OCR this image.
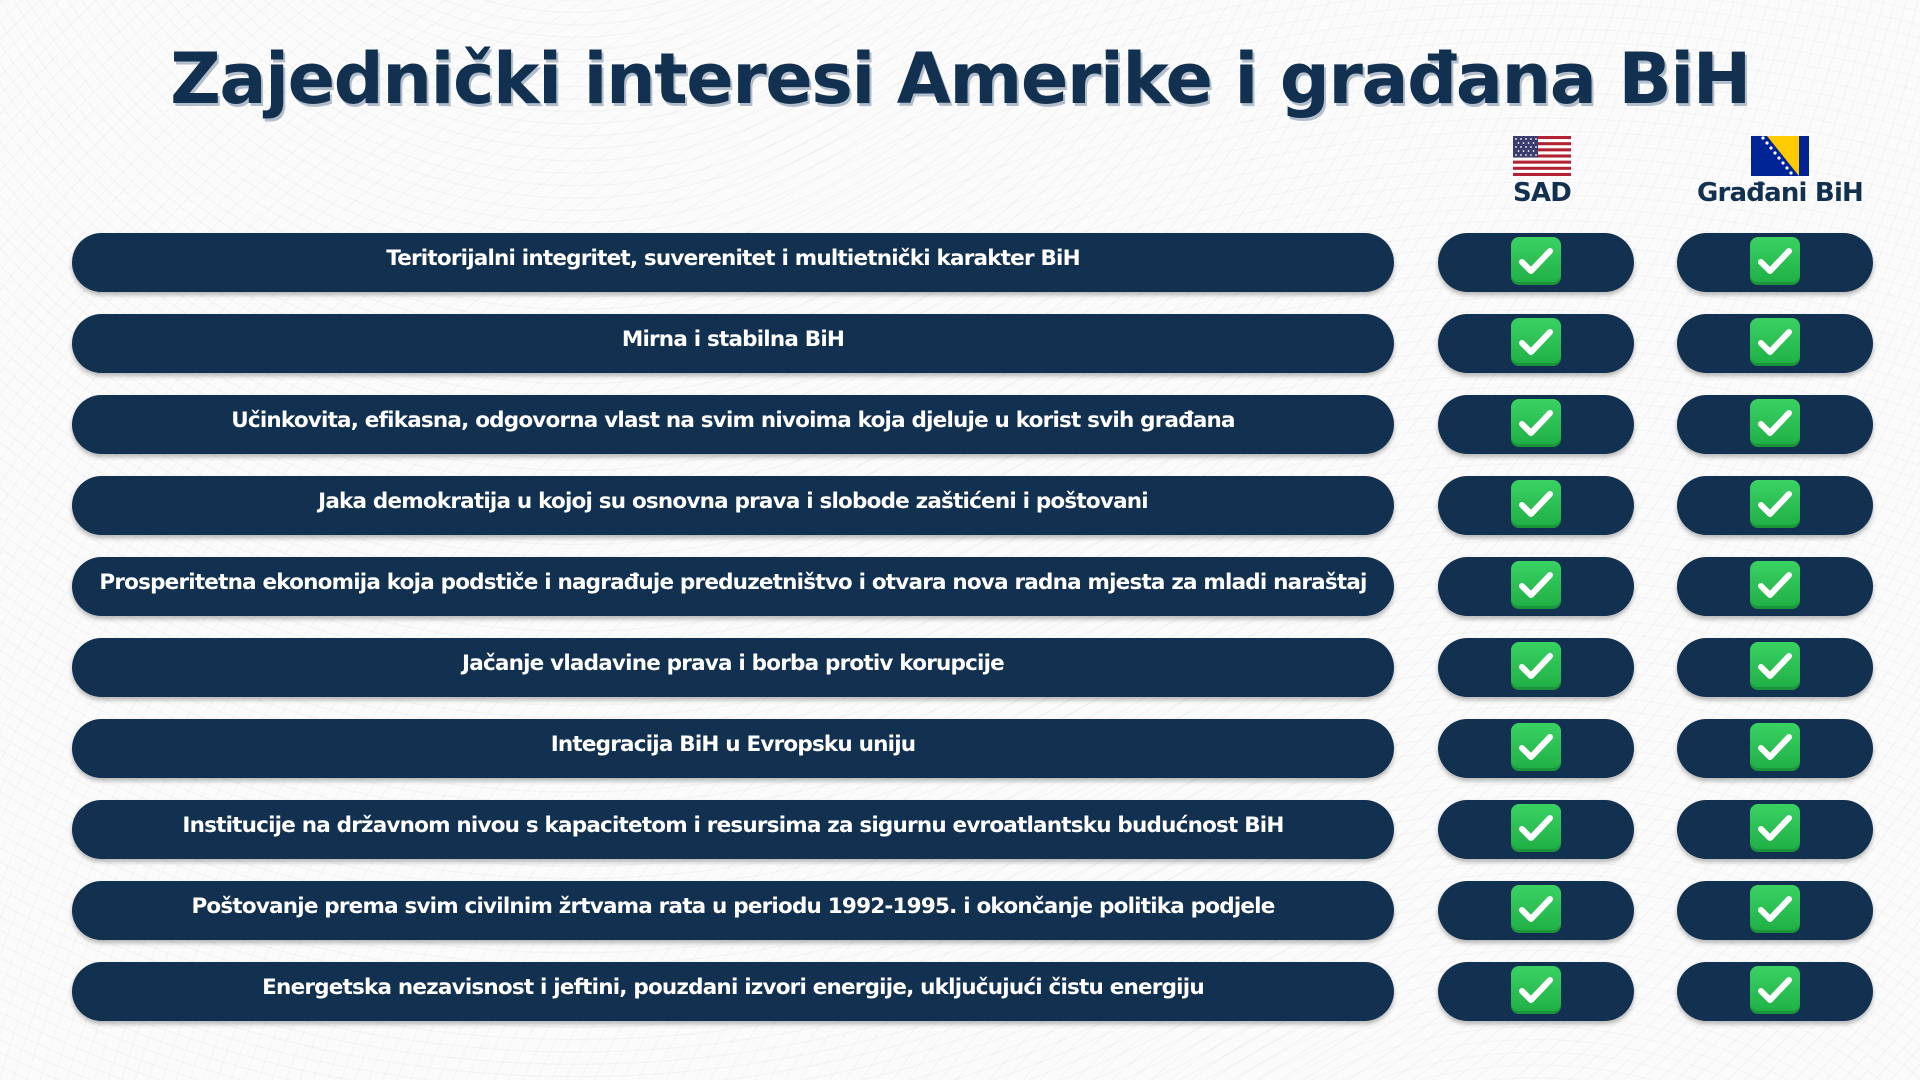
Zajednički interesi Amerike i građana BiH
SAD	Građani BiH
Teritorijalni integritet, suverenitet i multietnički karakter BiH
Mirna i stabilna BiH
Učinkovita, efikasna, odgovorna vlast na svim nivoima koja djeluje u korist svih građana
Jaka demokratija u kojoj su osnovna prava i slobode zaštićeni i poštovani
Prosperitetna ekonomija koja podstiče i nagrađuje preduzetništvo i otvara nova radna mjesta za mladi naraštaj
Jačanje vladavine prava i borba protiv korupcije
Integracija BiH u Evropsku uniju
Institucije na državnom nivou s kapacitetom i resursima za sigurnu evroatlantsku budućnost BiH
Poštovanje prema svim civilnim žrtvama rata u periodu 1992-1995. i okončanje politika podjele
Energetska nezavisnost i jeftini, pouzdani izvori energije, uključujući čistu energiju
